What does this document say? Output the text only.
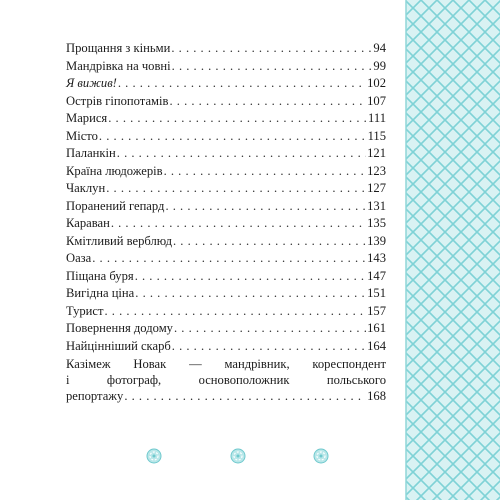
Прощання з кіньми . . .	94
Мандрівка на човні . . .	99
Я вижив! . . .	102
Острів гіпопотамів . . .	107
Марися . . .	111
Місто . . .	115
Паланкін . . .	121
Країна людожерів . . .	123
Чаклун . . .	127
Поранений гепард . . .	131
Караван . . .	135
Кмітливий верблюд . . .	139
Оаза . . .	143
Піщана буря . . .	147
Вигідна ціна . . .	151
Турист . . .	157
Повернення додому . . .	161
Найцінніший скарб . . .	164
Казімеж Новак — мандрівник, кореспондент
і фотограф, основоположник польського
репортажу . . .	168
